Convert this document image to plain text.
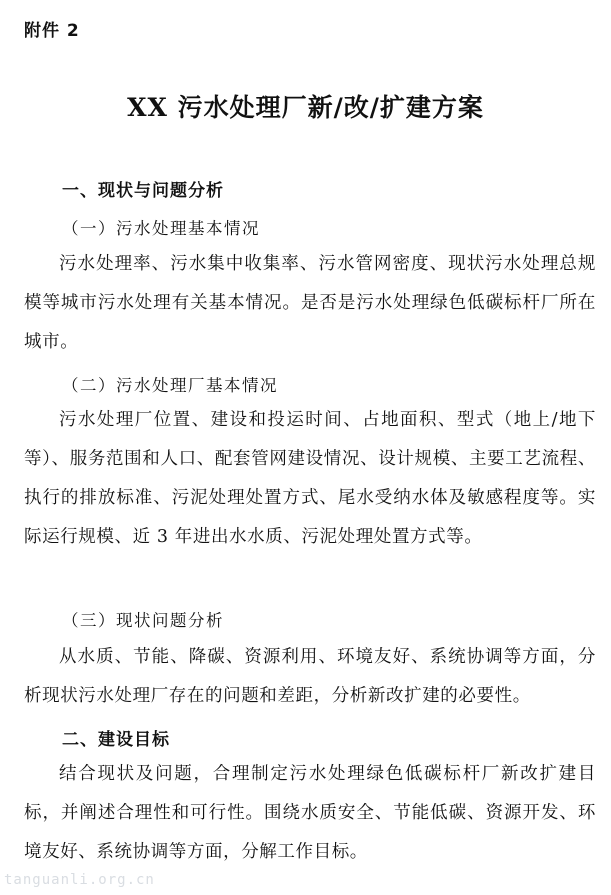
附件 2
XX 污水处理厂新/改/扩建方案
一、现状与问题分析
（一）污水处理基本情况

污水处理率、污水集中收集率、污水管网密度、现状污水处理总规模等城市污水处理有关基本情况。是否是污水处理绿色低碳标杆厂所在城市。

（二）污水处理厂基本情况

污水处理厂位置、建设和投运时间、占地面积、型式（地上/地下等）、服务范围和人口、配套管网建设情况、设计规模、主要工艺流程、执行的排放标准、污泥处理处置方式、尾水受纳水体及敏感程度等。实际运行规模、近 3 年进出水水质、污泥处理处置方式等。

（三）现状问题分析

从水质、节能、降碳、资源利用、环境友好、系统协调等方面，分析现状污水处理厂存在的问题和差距，分析新改扩建的必要性。

二、建设目标

结合现状及问题，合理制定污水处理绿色低碳标杆厂新改扩建目标，并阐述合理性和可行性。围绕水质安全、节能低碳、资源开发、环境友好、系统协调等方面，分解工作目标。

tanguanli.org.cn
